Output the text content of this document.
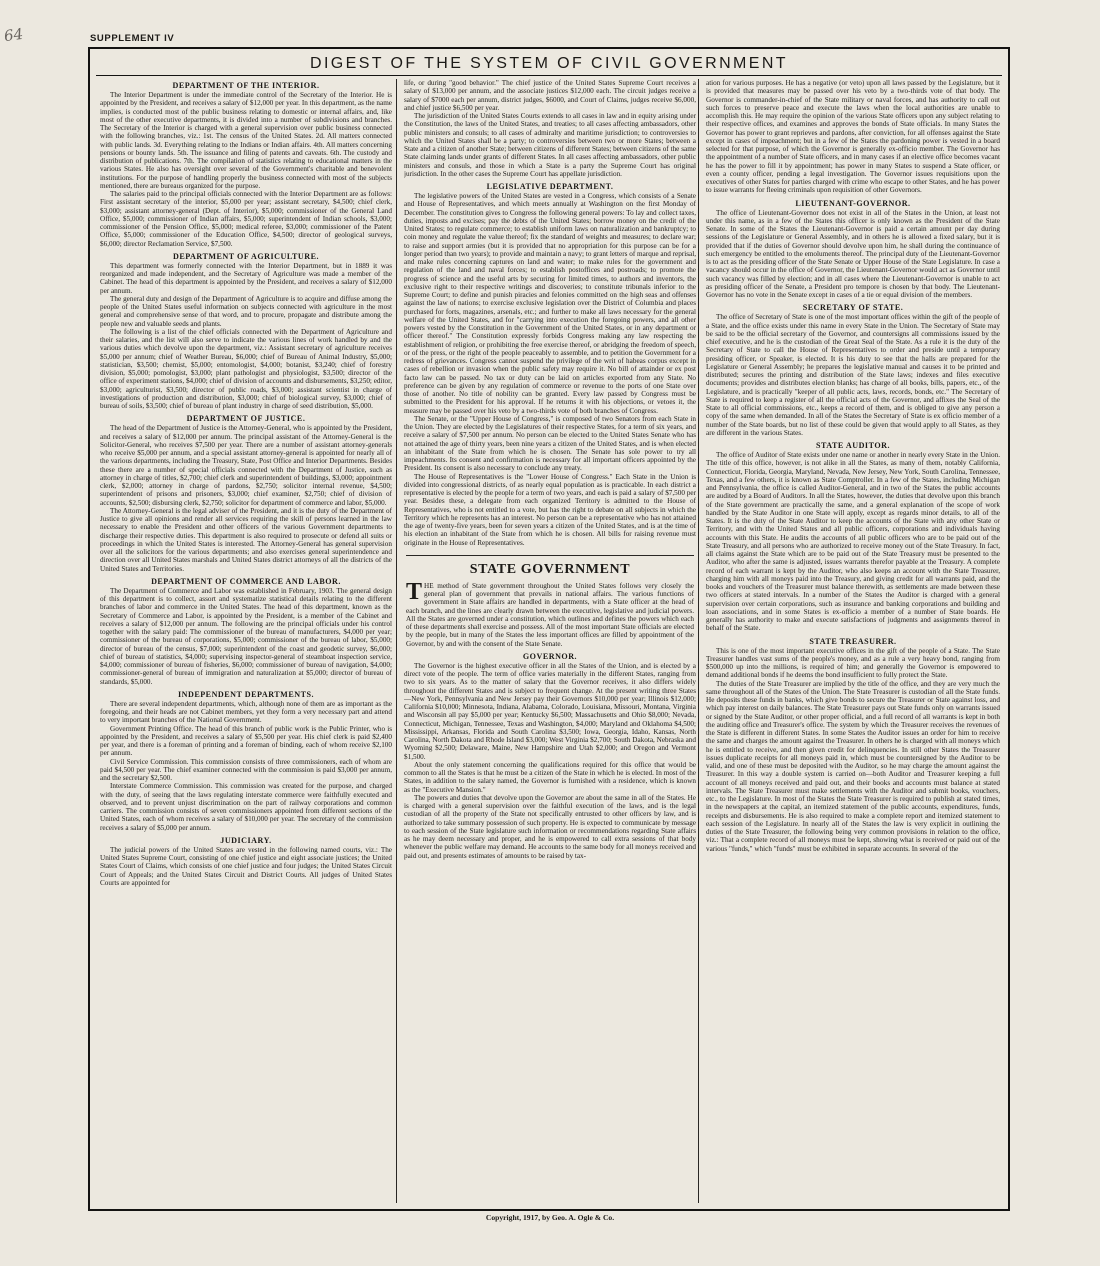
64	SUPPLEMENT IV
DIGEST OF THE SYSTEM OF CIVIL GOVERNMENT
DEPARTMENT OF THE INTERIOR.

The Interior Department is under the immediate control of the Secretary of the Interior. He is appointed by the President, and receives a salary of $12,000 per year. In this department, as the name implies, is conducted most of the public business relating to domestic or internal affairs, and, like most of the other executive departments, it is divided into a number of subdivisions and branches. The Secretary of the Interior is charged with a general supervision over public business connected with the following branches, viz.: 1st. The census of the United States. 2d. All matters connected with public lands. 3d. Everything relating to the Indians or Indian affairs. 4th. All matters concerning pensions or bounty lands. 5th. The issuance and filing of patents and caveats. 6th. The custody and distribution of publications. 7th. The compilation of statistics relating to educational matters in the various States. He also has oversight over several of the Government's charitable and benevolent institutions. For the purpose of handling properly the business connected with most of the subjects mentioned, there are bureaus organized for the purpose.

The salaries paid to the principal officials connected with the Interior Department are as follows: First assistant secretary of the interior, $5,000 per year; assistant secretary, $4,500; chief clerk, $3,000; assistant attorney-general (Dept. of Interior), $5,000; commissioner of the General Land Office, $5,000; commissioner of Indian affairs, $5,000; superintendent of Indian schools, $3,000; commissioner of the Pension Office, $5,000; medical referee, $3,000; commissioner of the Patent Office, $5,000; commissioner of the Education Office, $4,500; director of geological surveys, $6,000; director Reclamation Service, $7,500.

DEPARTMENT OF AGRICULTURE.

This department was formerly connected with the Interior Department, but in 1889 it was reorganized and made independent, and the Secretary of Agriculture was made a member of the Cabinet. The head of this department is appointed by the President, and receives a salary of $12,000 per annum.

The general duty and design of the Department of Agriculture is to acquire and diffuse among the people of the United States useful information on subjects connected with agriculture in the most general and comprehensive sense of that word, and to procure, propagate and distribute among the people new and valuable seeds and plants.

The following is a list of the chief officials connected with the Department of Agriculture and their salaries, and the list will also serve to indicate the various lines of work handled by and the various duties which devolve upon the department, viz.: Assistant secretary of agriculture receives $5,000 per annum; chief of Weather Bureau, $6,000; chief of Bureau of Animal Industry, $5,000; statistician, $3,500; chemist, $5,000; entomologist, $4,000; botanist, $3,240; chief of forestry division, $5,000; pomologist, $3,000; plant pathologist and physiologist, $3,500; director of the office of experiment stations, $4,000; chief of division of accounts and disbursements, $3,250; editor, $3,000; agriculturist, $3,500; director of public roads, $3,000; assistant scientist in charge of investigations of production and distribution, $3,000; chief of biological survey, $3,000; chief of bureau of soils, $3,500; chief of bureau of plant industry in charge of seed distribution, $5,000.

DEPARTMENT OF JUSTICE.

The head of the Department of Justice is the Attorney-General, who is appointed by the President, and receives a salary of $12,000 per annum. The principal assistant of the Attorney-General is the Solicitor-General, who receives $7,500 per year. There are a number of assistant attorney-generals who receive $5,000 per annum, and a special assistant attorney-general is appointed for nearly all of the various departments, including the Treasury, State, Post Office and Interior Departments. Besides these there are a number of special officials connected with the Department of Justice, such as attorney in charge of titles, $2,700; chief clerk and superintendent of buildings, $3,000; appointment clerk, $2,000; attorney in charge of pardons, $2,750; solicitor internal revenue, $4,500; superintendent of prisons and prisoners, $3,000; chief examiner, $2,750; chief of division of accounts, $2,500; disbursing clerk, $2,750; solicitor for department of commerce and labor, $5,000.

The Attorney-General is the legal adviser of the President, and it is the duty of the Department of Justice to give all opinions and render all services requiring the skill of persons learned in the law necessary to enable the President and other officers of the various Government departments to discharge their respective duties. This department is also required to prosecute or defend all suits or proceedings in which the United States is interested. The Attorney-General has general supervision over all the solicitors for the various departments; and also exercises general superintendence and direction over all United States marshals and United States district attorneys of all the districts of the United States and Territories.

DEPARTMENT OF COMMERCE AND LABOR.

The Department of Commerce and Labor was established in February, 1903. The general design of this department is to collect, assort and systematize statistical details relating to the different branches of labor and commerce in the United States. The head of this department, known as the Secretary of Commerce and Labor, is appointed by the President, is a member of the Cabinet and receives a salary of $12,000 per annum. The following are the principal officials under his control together with the salary paid: The commissioner of the bureau of manufacturers, $4,000 per year; commissioner of the bureau of corporations, $5,000; commissioner of the bureau of labor, $5,000; director of bureau of the census, $7,000; superintendent of the coast and geodetic survey, $6,000; chief of bureau of statistics, $4,000; supervising inspector-general of steamboat inspection service, $4,000; commissioner of bureau of fisheries, $6,000; commissioner of bureau of navigation, $4,000; commissioner-general of bureau of immigration and naturalization at $5,000; director of bureau of standards, $5,000.

INDEPENDENT DEPARTMENTS.

There are several independent departments, which, although none of them are as important as the foregoing, and their heads are not Cabinet members, yet they form a very necessary part and attend to very important branches of the National Government.

Government Printing Office. The head of this branch of public work is the Public Printer, who is appointed by the President, and receives a salary of $5,500 per year. His chief clerk is paid $2,400 per year, and there is a foreman of printing and a foreman of binding, each of whom receive $2,100 per annum.

Civil Service Commission. This commission consists of three commissioners, each of whom are paid $4,500 per year. The chief examiner connected with the commission is paid $3,000 per annum, and the secretary $2,500.

Interstate Commerce Commission. This commission was created for the purpose, and charged with the duty, of seeing that the laws regulating interstate commerce were faithfully executed and observed, and to prevent unjust discrimination on the part of railway corporations and common carriers. The commission consists of seven commissioners appointed from different sections of the United States, each of whom receives a salary of $10,000 per year. The secretary of the commission receives a salary of $5,000 per annum.

JUDICIARY.

The judicial powers of the United States are vested in the following named courts, viz.: The United States Supreme Court, consisting of one chief justice and eight associate justices; the United States Court of Claims, which consists of one chief justice and four judges; the United States Circuit Court of Appeals; and the United States Circuit and District Courts. All judges of United States Courts are appointed for

life, or during "good behavior." The chief justice of the United States Supreme Court receives a salary of $13,000 per annum, and the associate justices $12,000 each. The circuit judges receive a salary of $7000 each per annum, district judges, $6000, and Court of Claims, judges receive $6,000, and chief justice $6,500 per year.

The jurisdiction of the United States Courts extends to all cases in law and in equity arising under the Constitution, the laws of the United States, and treaties; to all cases affecting ambassadors, other public ministers and consuls; to all cases of admiralty and maritime jurisdiction; to controversies to which the United States shall be a party; to controversies between two or more States; between a State and a citizen of another State; between citizens of different States; between citizens of the same State claiming lands under grants of different States. In all cases affecting ambassadors, other public ministers and consuls, and those in which a State is a party the Supreme Court has original jurisdiction. In the other cases the Supreme Court has appellate jurisdiction.

LEGISLATIVE DEPARTMENT.

The legislative powers of the United States are vested in a Congress, which consists of a Senate and House of Representatives, and which meets annually at Washington on the first Monday of December. The constitution gives to Congress the following general powers: To lay and collect taxes, duties, imposts and excises; pay the debts of the United States; borrow money on the credit of the United States; to regulate commerce; to establish uniform laws on naturalization and bankruptcy; to coin money and regulate the value thereof; fix the standard of weights and measures; to declare war; to raise and support armies (but it is provided that no appropriation for this purpose can be for a longer period than two years); to provide and maintain a navy; to grant letters of marque and reprisal, and make rules concerning captures on land and water; to make rules for the government and regulation of the land and naval forces; to establish postoffices and postroads; to promote the progress of science and the useful arts by securing for limited times, to authors and inventors, the exclusive right to their respective writings and discoveries; to constitute tribunals inferior to the Supreme Court; to define and punish piracies and felonies committed on the high seas and offenses against the law of nations; to exercise exclusive legislation over the District of Columbia and places purchased for forts, magazines, arsenals, etc.; and further to make all laws necessary for the general welfare of the United States, and for "carrying into execution the foregoing powers, and all other powers vested by the Constitution in the Government of the United States, or in any department or officer thereof." The Constitution expressly forbids Congress making any law respecting the establishment of religion, or prohibiting the free exercise thereof, or abridging the freedom of speech, or of the press, or the right of the people peaceably to assemble, and to petition the Government for a redress of grievances. Congress cannot suspend the privilege of the writ of habeas corpus except in cases of rebellion or invasion when the public safety may require it. No bill of attainder or ex post facto law can be passed. No tax or duty can be laid on articles exported from any State. No preference can be given by any regulation of commerce or revenue to the ports of one State over those of another. No title of nobility can be granted. Every law passed by Congress must be submitted to the President for his approval. If he returns it with his objections, or vetoes it, the measure may be passed over his veto by a two-thirds vote of both branches of Congress.

The Senate, or the "Upper House of Congress," is composed of two Senators from each State in the Union. They are elected by the Legislatures of their respective States, for a term of six years, and receive a salary of $7,500 per annum. No person can be elected to the United States Senate who has not attained the age of thirty years, been nine years a citizen of the United States, and is when elected an inhabitant of the State from which he is chosen. The Senate has sole power to try all impeachments. Its consent and confirmation is necessary for all important officers appointed by the President. Its consent is also necessary to conclude any treaty.

The House of Representatives is the "Lower House of Congress." Each State in the Union is divided into congressional districts, of as nearly equal population as is practicable. In each district a representative is elected by the people for a term of two years, and each is paid a salary of $7,500 per year. Besides these, a delegate from each organized Territory is admitted to the House of Representatives, who is not entitled to a vote, but has the right to debate on all subjects in which the Territory which he represents has an interest. No person can be a representative who has not attained the age of twenty-five years, been for seven years a citizen of the United States, and is at the time of his election an inhabitant of the State from which he is chosen. All bills for raising revenue must originate in the House of Representatives.

STATE GOVERNMENT

THE method of State government throughout the United States follows very closely the general plan of government that prevails in national affairs. The various functions of government in State affairs are handled in departments, with a State officer at the head of each branch, and the lines are clearly drawn between the executive, legislative and judicial powers. All the States are governed under a constitution, which outlines and defines the powers which each of these departments shall exercise and possess. All of the most important State officials are elected by the people, but in many of the States the less important offices are filled by appointment of the Governor, by and with the consent of the State Senate.

GOVERNOR.

The Governor is the highest executive officer in all the States of the Union, and is elected by a direct vote of the people. The term of office varies materially in the different States, ranging from two to six years. As to the matter of salary that the Governor receives, it also differs widely throughout the different States and is subject to frequent change. At the present writing three States—New York, Pennsylvania and New Jersey pay their Governors $10,000 per year; Illinois $12,000; California $10,000; Minnesota, Indiana, Alabama, Colorado, Louisiana, Missouri, Montana, Virginia and Wisconsin all pay $5,000 per year; Kentucky $6,500; Massachusetts and Ohio $8,000; Nevada, Connecticut, Michigan, Tennessee, Texas and Washington, $4,000; Maryland and Oklahoma $4,500; Mississippi, Arkansas, Florida and South Carolina $3,500; Iowa, Georgia, Idaho, Kansas, North Carolina, North Dakota and Rhode Island $3,000; West Virginia $2,700; South Dakota, Nebraska and Wyoming $2,500; Delaware, Maine, New Hampshire and Utah $2,000; and Oregon and Vermont $1,500.

About the only statement concerning the qualifications required for this office that would be common to all the States is that he must be a citizen of the State in which he is elected. In most of the States, in addition to the salary named, the Governor is furnished with a residence, which is known as the "Executive Mansion."

The powers and duties that devolve upon the Governor are about the same in all of the States. He is charged with a general supervision over the faithful execution of the laws, and is the legal custodian of all the property of the State not specifically entrusted to other officers by law, and is authorized to take summary possession of such property. He is expected to communicate by message to each session of the State legislature such information or recommendations regarding State affairs as he may deem necessary and proper, and he is empowered to call extra sessions of that body whenever the public welfare may demand. He accounts to the same body for all moneys received and paid out, and presents estimates of amounts to be raised by tax-

ation for various purposes. He has a negative (or veto) upon all laws passed by the Legislature, but it is provided that measures may be passed over his veto by a two-thirds vote of that body. The Governor is commander-in-chief of the State military or naval forces, and has authority to call out such forces to preserve peace and execute the laws when the local authorities are unable to accomplish this. He may require the opinion of the various State officers upon any subject relating to their respective offices, and examines and approves the bonds of State officials. In many States the Governor has power to grant reprieves and pardons, after conviction, for all offenses against the State except in cases of impeachment; but in a few of the States the pardoning power is vested in a board selected for that purpose, of which the Governor is generally ex-officio member. The Governor has the appointment of a number of State officers, and in many cases if an elective office becomes vacant he has the power to fill it by appointment; has power in many States to suspend a State officer, or even a county officer, pending a legal investigation. The Governor issues requisitions upon the executives of other States for parties charged with crime who escape to other States, and he has power to issue warrants for fleeing criminals upon requisition of other Governors.

LIEUTENANT-GOVERNOR.

The office of Lieutenant-Governor does not exist in all of the States in the Union, at least not under this name, as in a few of the States this officer is only known as the President of the State Senate. In some of the States the Lieutenant-Governor is paid a certain amount per day during sessions of the Legislature or General Assembly, and in others he is allowed a fixed salary, but it is provided that if the duties of Governor should devolve upon him, he shall during the continuance of such emergency be entitled to the emoluments thereof. The principal duty of the Lieutenant-Governor is to act as the presiding officer of the State Senate or Upper House of the State Legislature. In case a vacancy should occur in the office of Governor, the Lieutenant-Governor would act as Governor until such vacancy was filled by election; and in all cases where the Lieutenant-Governor is unable to act as presiding officer of the Senate, a President pro tempore is chosen by that body. The Lieutenant-Governor has no vote in the Senate except in cases of a tie or equal division of the members.

SECRETARY OF STATE.

The office of Secretary of State is one of the most important offices within the gift of the people of a State, and the office exists under this name in every State in the Union. The Secretary of State may be said to be the official secretary of the Governor, and countersigns all commissions issued by the chief executive, and he is the custodian of the Great Seal of the State. As a rule it is the duty of the Secretary of State to call the House of Representatives to order and preside until a temporary presiding officer, or Speaker, is elected. It is his duty to see that the halls are prepared for the Legislature or General Assembly; he prepares the legislative manual and causes it to be printed and distributed; secures the printing and distribution of the State laws; indexes and files executive documents; provides and distributes election blanks; has charge of all books, bills, papers, etc., of the Legislature, and is practically "keeper of all public acts, laws, records, bonds, etc." The Secretary of State is required to keep a register of all the official acts of the Governor, and affixes the Seal of the State to all official commissions, etc., keeps a record of them, and is obliged to give any person a copy of the same when demanded. In all of the States the Secretary of State is ex officio member of a number of the State boards, but no list of these could be given that would apply to all States, as they are different in the various States.

STATE AUDITOR.

The office of Auditor of State exists under one name or another in nearly every State in the Union. The title of this office, however, is not alike in all the States, as many of them, notably California, Connecticut, Florida, Georgia, Maryland, Nevada, New Jersey, New York, South Carolina, Tennessee, Texas, and a few others, it is known as State Comptroller. In a few of the States, including Michigan and Pennsylvania, the office is called Auditor-General, and in two of the States the public accounts are audited by a Board of Auditors. In all the States, however, the duties that devolve upon this branch of the State government are practically the same, and a general explanation of the scope of work handled by the State Auditor in one State will apply, except as regards minor details, to all of the States. It is the duty of the State Auditor to keep the accounts of the State with any other State or Territory, and with the United States and all public officers, corporations and individuals having accounts with this State. He audits the accounts of all public officers who are to be paid out of the State Treasury, and all persons who are authorized to receive money out of the State Treasury. In fact, all claims against the State which are to be paid out of the State Treasury must be presented to the Auditor, who after the same is adjusted, issues warrants therefor payable at the Treasury. A complete record of each warrant is kept by the Auditor, who also keeps an account with the State Treasurer, charging him with all moneys paid into the Treasury, and giving credit for all warrants paid, and the books and vouchers of the Treasurer must balance therewith, as settlements are made between these two officers at stated intervals. In a number of the States the Auditor is charged with a general supervision over certain corporations, such as insurance and banking corporations and building and loan associations, and in some States is ex-officio a member of a number of State boards. He generally has authority to make and execute satisfactions of judgments and assignments thereof in behalf of the State.

STATE TREASURER.

This is one of the most important executive offices in the gift of the people of a State. The State Treasurer handles vast sums of the people's money, and as a rule a very heavy bond, ranging from $500,000 up into the millions, is required of him; and generally the Governor is empowered to demand additional bonds if he deems the bond insufficient to fully protect the State.

The duties of the State Treasurer are implied by the title of the office, and they are very much the same throughout all of the States of the Union. The State Treasurer is custodian of all the State funds. He deposits these funds in banks, which give bonds to secure the Treasurer or State against loss, and which pay interest on daily balances. The State Treasurer pays out State funds only on warrants issued or signed by the State Auditor, or other proper official, and a full record of all warrants is kept in both the auditing office and Treasurer's office. The system by which the Treasurer receives the revenues of the State is different in different States. In some States the Auditor issues an order for him to receive the same and charges the amount against the Treasurer. In others he is charged with all moneys which he is entitled to receive, and then given credit for delinquencies. In still other States the Treasurer issues duplicate receipts for all moneys paid in, which must be countersigned by the Auditor to be valid, and one of these must be deposited with the Auditor, so he may charge the amount against the Treasurer. In this way a double system is carried on—both Auditor and Treasurer keeping a full account of all moneys received and paid out, and their books and accounts must balance at stated intervals. The State Treasurer must make settlements with the Auditor and submit books, vouchers, etc., to the Legislature. In most of the States the State Treasurer is required to publish at stated times, in the newspapers at the capital, an itemized statement of the public accounts, expenditures, funds, receipts and disbursements. He is also required to make a complete report and itemized statement to each session of the Legislature. In nearly all of the States the law is very explicit in outlining the duties of the State Treasurer, the following being very common provisions in relation to the office, viz.: That a complete record of all moneys must be kept, showing what is received or paid out of the various "funds," which "funds" must be exhibited in separate accounts. In several of the

Copyright, 1917, by Geo. A. Ogle & Co.
